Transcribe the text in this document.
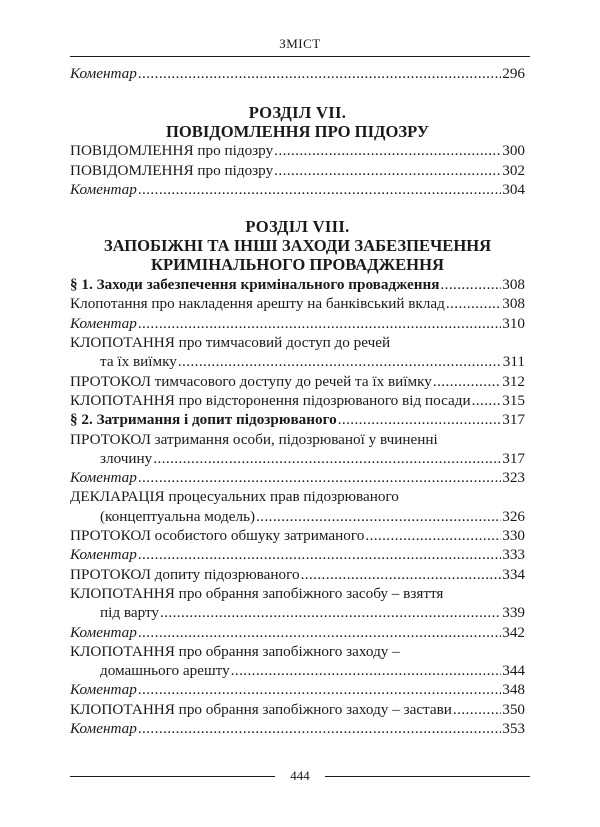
ЗМІСТ
Коментар .....	296
РОЗДІЛ VII.
ПОВІДОМЛЕННЯ ПРО ПІДОЗРУ
ПОВІДОМЛЕННЯ про підозру .....	300
ПОВІДОМЛЕННЯ про підозру .....	302
Коментар .....	304
РОЗДІЛ VIII.
ЗАПОБІЖНІ ТА ІНШІ ЗАХОДИ ЗАБЕЗПЕЧЕННЯ
КРИМІНАЛЬНОГО ПРОВАДЖЕННЯ
§ 1. Заходи забезпечення кримінального провадження .....	308
Клопотання про накладення арешту на банківський вклад .....	308
Коментар .....	310
КЛОПОТАННЯ про тимчасовий доступ до речей
та їх виїмку .....	311
ПРОТОКОЛ тимчасового доступу до речей та їх виїмку .....	312
КЛОПОТАННЯ про відсторонення підозрюваного від посади ..... 315
§ 2. Затримання і допит підозрюваного .....	317
ПРОТОКОЛ затримання особи, підозрюваної у вчиненні
злочину .....	317
Коментар .....	323
ДЕКЛАРАЦІЯ процесуальних прав підозрюваного
(концептуальна модель) .....	326
ПРОТОКОЛ особистого обшуку затриманого .....	330
Коментар .....	333
ПРОТОКОЛ допиту підозрюваного .....	334
КЛОПОТАННЯ про обрання запобіжного засобу – взяття
під варту .....	339
Коментар .....	342
КЛОПОТАННЯ про обрання запобіжного заходу –
домашнього арешту .....	344
Коментар .....	348
КЛОПОТАННЯ про обрання запобіжного заходу – застави .....	350
Коментар .....	353
444
